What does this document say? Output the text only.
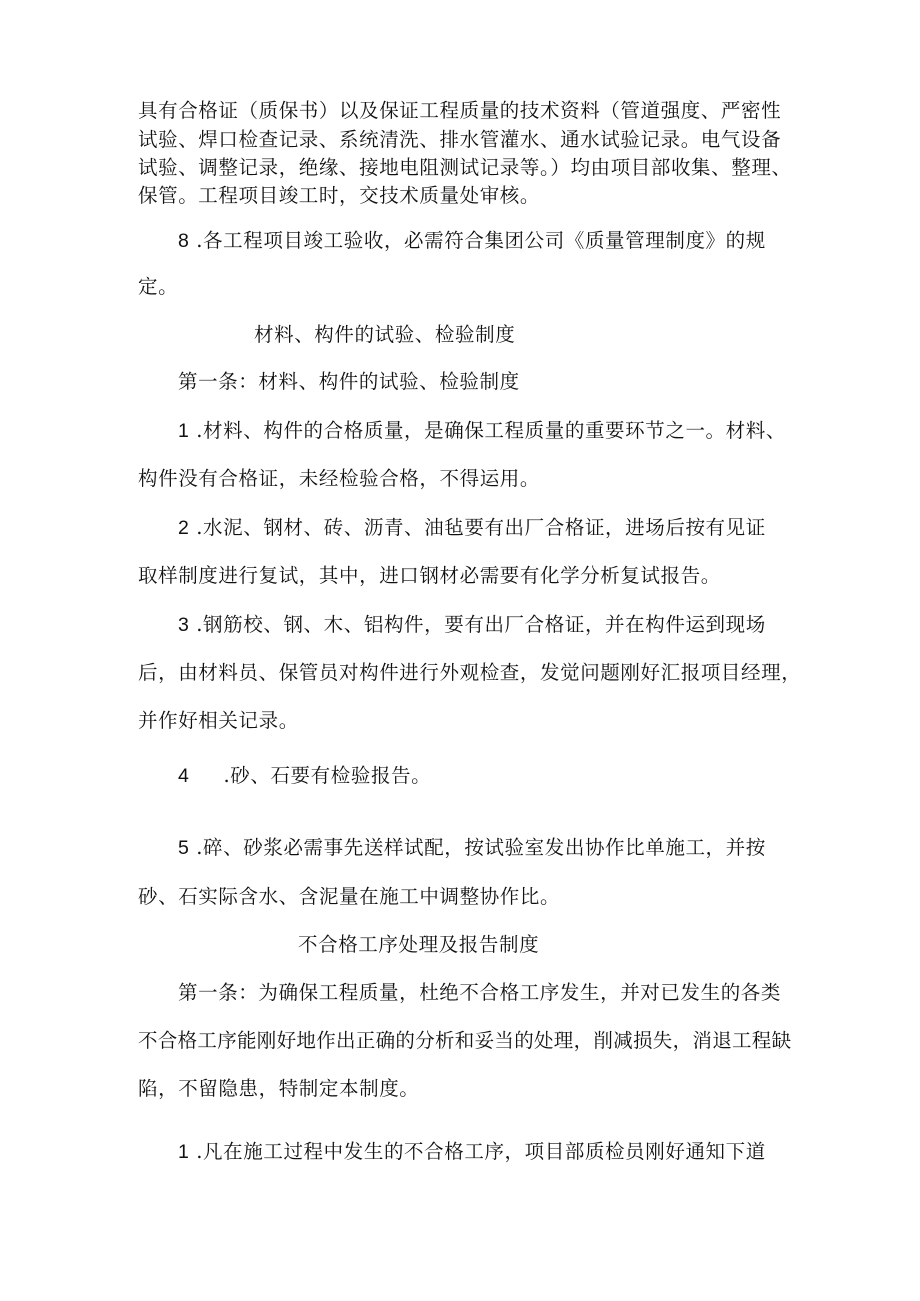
具有合格证（质保书）以及保证工程质量的技术资料（管道强度、严密性

试验、焊口检查记录、系统清洗、排水管灌水、通水试验记录。电气设备

试验、调整记录，绝缘、接地电阻测试记录等。）均由项目部收集、整理、

保管。工程项目竣工时，交技术质量处审核。

8 .各工程项目竣工验收，必需符合集团公司《质量管理制度》的规

定。

材料、构件的试验、检验制度

第一条：材料、构件的试验、检验制度

1 .材料、构件的合格质量，是确保工程质量的重要环节之一。材料、

构件没有合格证，未经检验合格，不得运用。

2 .水泥、钢材、砖、沥青、油毡要有出厂合格证，进场后按有见证

取样制度进行复试，其中，进口钢材必需要有化学分析复试报告。

3 .钢筋校、钢、木、铝构件，要有出厂合格证，并在构件运到现场

后，由材料员、保管员对构件进行外观检查，发觉问题刚好汇报项目经理，

并作好相关记录。

4     .砂、石要有检验报告。

5 .碎、砂浆必需事先送样试配，按试验室发出协作比单施工，并按

砂、石实际含水、含泥量在施工中调整协作比。

不合格工序处理及报告制度

第一条：为确保工程质量，杜绝不合格工序发生，并对已发生的各类

不合格工序能刚好地作出正确的分析和妥当的处理，削减损失，消退工程缺

陷，不留隐患，特制定本制度。

1 .凡在施工过程中发生的不合格工序，项目部质检员刚好通知下道
